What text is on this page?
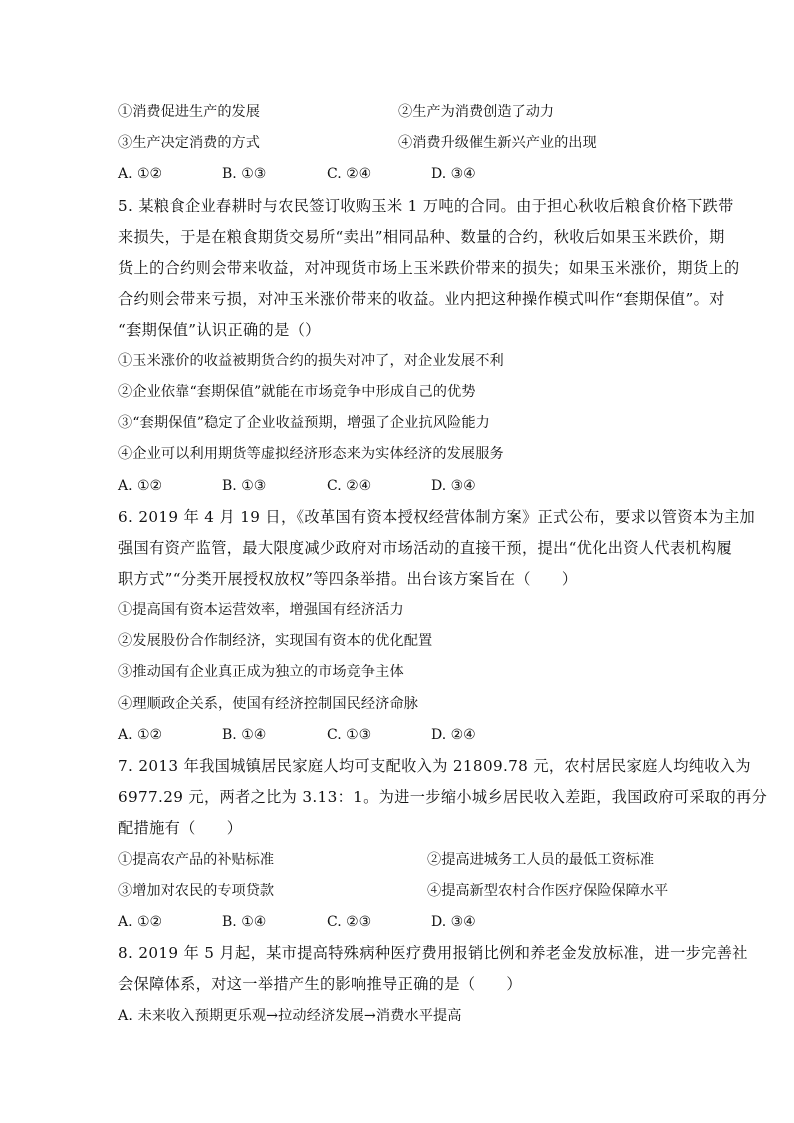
①消费促进生产的发展	②生产为消费创造了动力
③生产决定消费的方式	④消费升级催生新兴产业的出现
A. ①②	B. ①③	C. ②④	D. ③④
5. 某粮食企业春耕时与农民签订收购玉米 1 万吨的合同。由于担心秋收后粮食价格下跌带
来损失，于是在粮食期货交易所“卖出”相同品种、数量的合约，秋收后如果玉米跌价，期
货上的合约则会带来收益，对冲现货市场上玉米跌价带来的损失；如果玉米涨价，期货上的
合约则会带来亏损，对冲玉米涨价带来的收益。业内把这种操作模式叫作“套期保值”。对
“套期保值”认识正确的是（）
①玉米涨价的收益被期货合约的损失对冲了，对企业发展不利
②企业依靠“套期保值”就能在市场竞争中形成自己的优势
③“套期保值”稳定了企业收益预期，增强了企业抗风险能力
④企业可以利用期货等虚拟经济形态来为实体经济的发展服务
A. ①②	B. ①③	C. ②④	D. ③④
6. 2019 年 4 月 19 日，《改革国有资本授权经营体制方案》正式公布，要求以管资本为主加
强国有资产监管，最大限度减少政府对市场活动的直接干预，提出“优化出资人代表机构履
职方式”“分类开展授权放权”等四条举措。出台该方案旨在（　　）
①提高国有资本运营效率，增强国有经济活力
②发展股份合作制经济，实现国有资本的优化配置
③推动国有企业真正成为独立的市场竞争主体
④理顺政企关系，使国有经济控制国民经济命脉
A. ①②	B. ①④	C. ①③	D. ②④
7. 2013 年我国城镇居民家庭人均可支配收入为 21809.78 元，农村居民家庭人均纯收入为
6977.29 元，两者之比为 3.13：1。为进一步缩小城乡居民收入差距，我国政府可采取的再分
配措施有（　　）
①提高农产品的补贴标准	②提高进城务工人员的最低工资标准
③增加对农民的专项贷款	④提高新型农村合作医疗保险保障水平
A. ①②	B. ①④	C. ②③	D. ③④
8. 2019 年 5 月起，某市提高特殊病种医疗费用报销比例和养老金发放标准，进一步完善社
会保障体系，对这一举措产生的影响推导正确的是（　　）
A. 未来收入预期更乐观→拉动经济发展→消费水平提高
